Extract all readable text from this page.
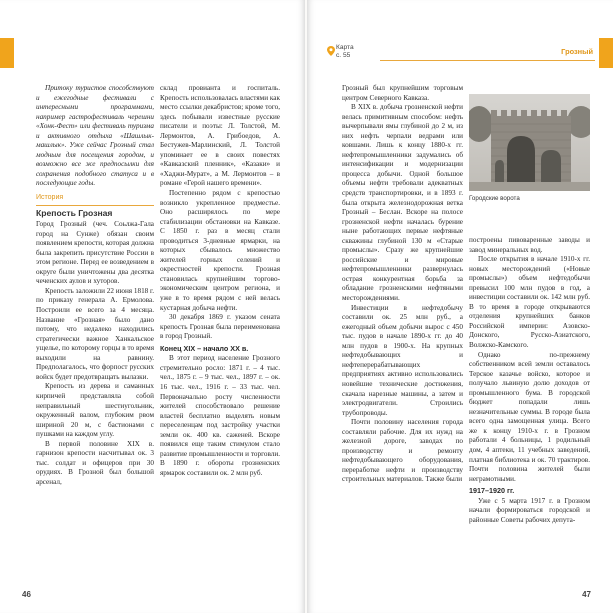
Притоку туристов способствуют и ежегодные фестивали с интересными программами, например гастрофестиваль черешни «Хонк-Фест» или фестиваль туризма и активного отдыха «Шашлык-машлык». Уже сейчас Грозный стал модным для посещения городом, и возможно все же предпосылки для сохранения подобного статуса и в последующие годы.

История
Крепость Грозная

Город Грозный (чеч. Соьлжа-Гала город на Сунже) обязан своим появлением крепости, которая должна была закрепить присутствие России в этом регионе. Перед ее возведением в округе были уничтожены два десятка чеченских аулов и хуторов.

Крепость заложили 22 июня 1818 г. по приказу генерала А. Ермолова. Построили ее всего за 4 месяца. Название «Грозная» было дано потому, что недалеко находились стратегически важное Ханкальское ущелье, по которому горцы в то время выходили на равнину. Предполагалось, что форпост русских войск будет предотвращать вылазки.

Крепость из дерева и саманных кирпичей представляла собой неправильный шестиугольник, окруженный валом, глубоким рвом шириной 20 м, с бастионами с пушками на каждом углу.

В первой половине XIX в. гарнизон крепости насчитывал ок. 3 тыс. солдат и офицеров при 30 орудиях. В Грозной был большой арсенал,

склад провианта и госпиталь. Крепость использовалась властями как место ссылки декабристов; кроме того, здесь побывали известные русские писатели и поэты: Л. Толстой, М. Лермонтов, А. Грибоедов, А. Бестужев-Марлинский, Л. Толстой упоминает ее в своих повестях «Кавказский пленник», «Казаки» и «Хаджи-Мурат», а М. Лермонтов – в романе «Герой нашего времени».

Постепенно рядом с крепостью возникло укрепленное предместье. Оно расширялось по мере стабилизации обстановки на Кавказе. С 1850 г. раз в месяц стали проводиться 3-дневные ярмарки, на которых сбывалось множество жителей горных селений и окрестностей крепости. Грозная становилась крупнейшим торгово-экономическим центром региона, и уже в то время рядом с ней велась кустарная добыча нефти.

30 декабря 1869 г. указом сената крепость Грозная была переименована в город Грозный.

Конец XIX – начало XX в.

В этот период население Грозного стремительно росло: 1871 г. – 4 тыс. чел., 1875 г. – 9 тыс. чел., 1897 г. – ок. 16 тыс. чел., 1916 г. – 33 тыс. чел. Первоначально росту численности жителей способствовало решение властей бесплатно выделять новым переселенцам под застройку участки земли ок. 400 кв. саженей. Вскоре появился еще таким стимулом стало развитие промышленности и торговли. В 1890 г. обороты грозненских ярмарок составили ок. 2 млн руб.

46
Карта
с. 55	Грозный

Грозный был крупнейшим торговым центром Северного Кавказа.

В XIX в. добыча грозненской нефти велась примитивным способом: нефть вычерпывали ямы глубиной до 2 м, из них нефть черпали ведрами или ковшами. Лишь к концу 1880-х гг. нефтепромышленники задумались об интенсификации и модернизации процесса добычи. Одной большое объемы нефти требовали адекватных средств транспортировки, и в 1893 г. была открыта железнодорожная ветка Грозный – Беслан. Вскоре на полосе грозненской нефти началась бурение ныне работающих первые нефтяные скважины глубиной 130 м «Старые промыслы». Сразу же крупнейшие российские и мировые нефтепромышленники развернулась острая конкурентная борьба за обладание грозненскими нефтяными месторождениями.

Инвестиции в нефтедобычу составили ок. 25 млн руб., а ежегодный объем добычи вырос с 450 тыс. пудов в начале 1890-х гг. до 40 млн пудов в 1900-х. На крупных нефтедобывающих и нефтеперерабатывающих предприятиях активно использовались новейшие технические достижения, скачала нарезные машины, а затем и электродвигатели. Строились трубопроводы.

Почти половину населения города составляли рабочие. Для их нужд на железной дороге, заводах по производству и ремонту нефтедобывающего оборудования, переработке нефти и производству строительных материалов. Также были

Городские ворота

построены пивоваренные заводы и завод минеральных вод.

После открытия в начале 1910-х гг. новых месторождений («Новые промыслы») объем нефтедобычи превысил 100 млн пудов в год, а инвестиции составили ок. 142 млн руб. В то время в городе открываются отделения крупнейших банков Российской империи: Азовско-Донского, Русско-Азиатского, Волжско-Камского.

Однако по-прежнему собственником всей земли оставалось Терское казачье войско, которое и получало львиную долю доходов от промышленного бума. В городской бюджет попадали лишь незначительные суммы. В городе была всего одна замощенная улица. Всего же к концу 1910-х г. в Грозном работали 4 больницы, 1 родильный дом, 4 аптеки, 11 учебных заведений, платная библиотека и ок. 70 трактиров. Почти половина жителей были неграмотными.

1917–1920 гг.

Уже с 5 марта 1917 г. в Грозном начали формироваться городской и районные Советы рабочих депута-

47
